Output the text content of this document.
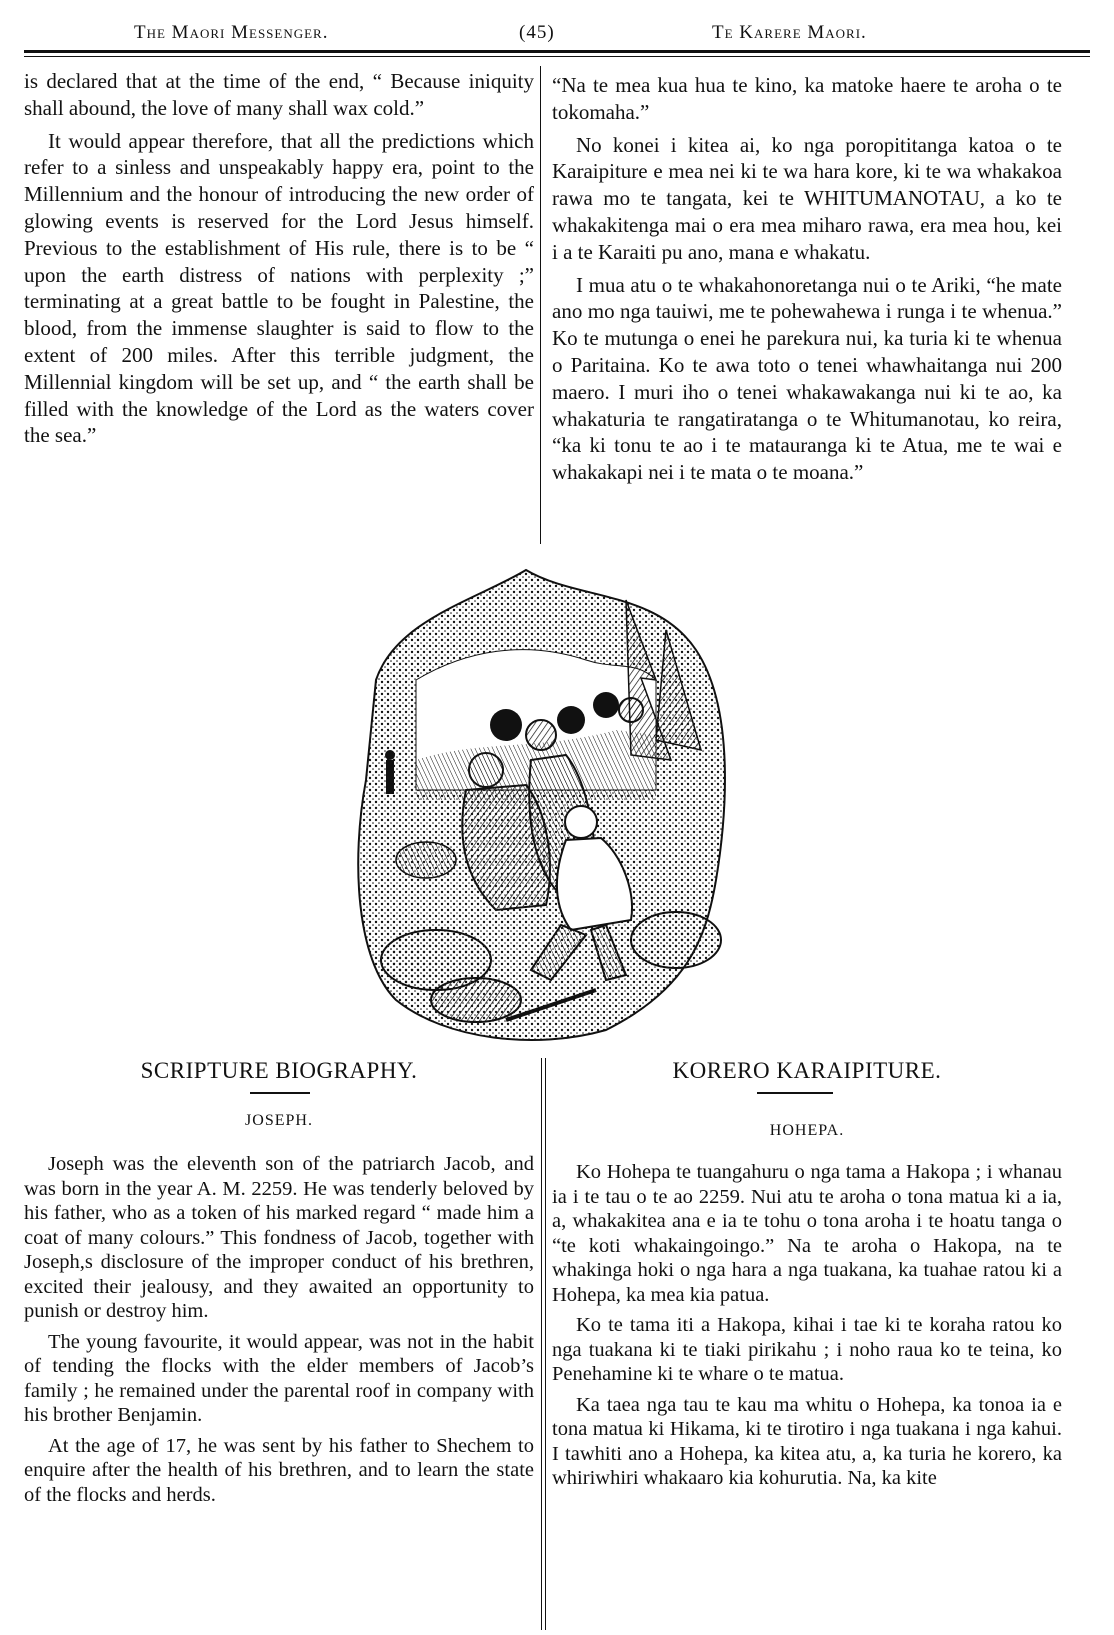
The Maori Messenger.	(45)	Te Karere Maori.

is declared that at the time of the end, “ Because iniquity shall abound, the love of many shall wax cold.”

It would appear therefore, that all the predictions which refer to a sinless and unspeakably happy era, point to the Millennium and the honour of introducing the new order of glowing events is reserved for the Lord Jesus himself. Previous to the establishment of His rule, there is to be “ upon the earth distress of nations with perplexity ;” terminating at a great battle to be fought in Palestine, the blood, from the immense slaughter is said to flow to the extent of 200 miles. After this terrible judgment, the Millennial kingdom will be set up, and “ the earth shall be filled with the knowledge of the Lord as the waters cover the sea.”

“Na te mea kua hua te kino, ka matoke haere te aroha o te tokomaha.”

No konei i kitea ai, ko nga poropititanga katoa o te Karaipiture e mea nei ki te wa hara kore, ki te wa whakakoa rawa mo te tangata, kei te WHITUMANOTAU, a ko te whakakitenga mai o era mea miharo rawa, era mea hou, kei i a te Karaiti pu ano, mana e whakatu.

I mua atu o te whakahonoretanga nui o te Ariki, “he mate ano mo nga tauiwi, me te pohewahewa i runga i te whenua.” Ko te mutunga o enei he parekura nui, ka turia ki te whenua o Paritaina. Ko te awa toto o tenei whawhaitanga nui 200 maero. I muri iho o tenei whakawakanga nui ki te ao, ka whakaturia te rangatiratanga o te Whitumanotau, ko reira, “ka ki tonu te ao i te matauranga ki te Atua, me te wai e whakakapi nei i te mata o te moana.”

SCRIPTURE BIOGRAPHY.
JOSEPH.
KORERO KARAIPITURE.
HOHEPA.

Joseph was the eleventh son of the patriarch Jacob, and was born in the year A. M. 2259. He was tenderly beloved by his father, who as a token of his marked regard “ made him a coat of many colours.” This fondness of Jacob, together with Joseph,s disclosure of the improper conduct of his brethren, excited their jealousy, and they awaited an opportunity to punish or destroy him.

The young favourite, it would appear, was not in the habit of tending the flocks with the elder members of Jacob’s family ; he remained under the parental roof in company with his brother Benjamin.

At the age of 17, he was sent by his father to Shechem to enquire after the health of his brethren, and to learn the state of the flocks and herds.

Ko Hohepa te tuangahuru o nga tama a Hakopa ; i whanau ia i te tau o te ao 2259. Nui atu te aroha o tona matua ki a ia, a, whakakitea ana e ia te tohu o tona aroha i te hoatu tanga o “te koti whakaingoingo.” Na te aroha o Hakopa, na te whakinga hoki o nga hara a nga tuakana, ka tuahae ratou ki a Hohepa, ka mea kia patua.

Ko te tama iti a Hakopa, kihai i tae ki te koraha ratou ko nga tuakana ki te tiaki pirikahu ; i noho raua ko te teina, ko Penehamine ki te whare o te matua.

Ka taea nga tau te kau ma whitu o Hohepa, ka tonoa ia e tona matua ki Hikama, ki te tirotiro i nga tuakana i nga kahui. I tawhiti ano a Hohepa, ka kitea atu, a, ka turia he korero, ka whiriwhiri whakaaro kia kohurutia. Na, ka kite
